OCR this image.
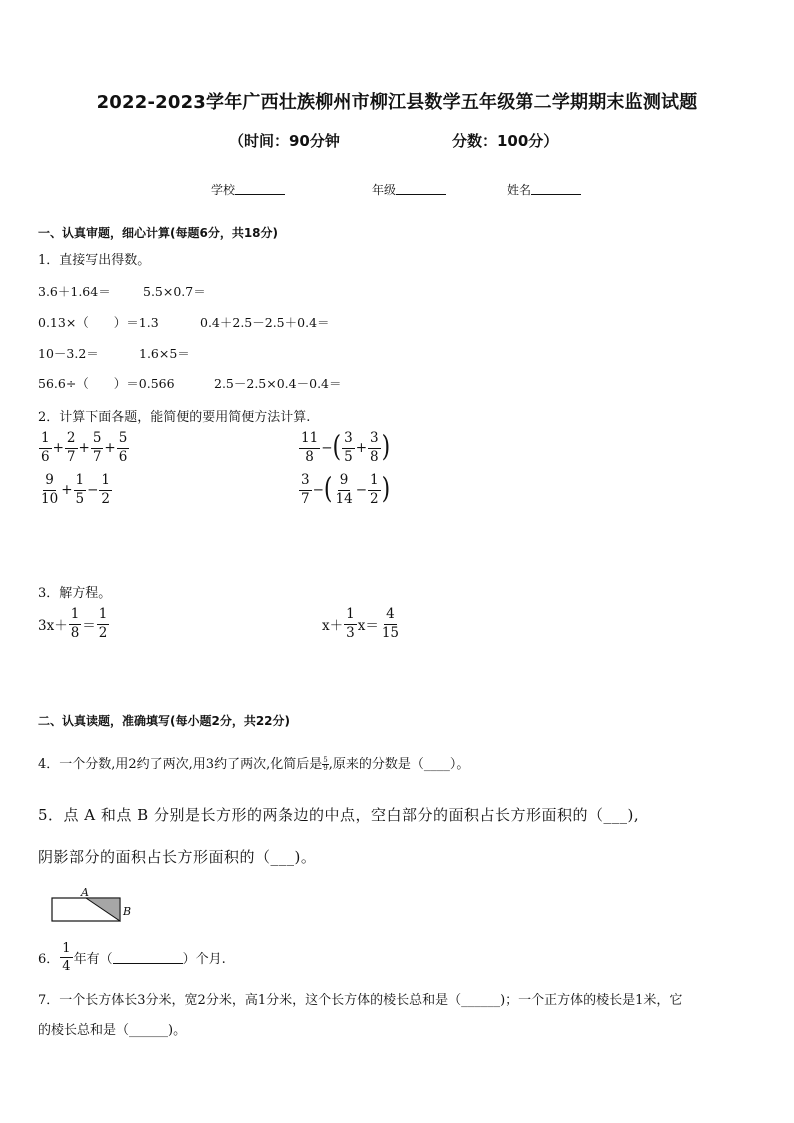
2022-2023学年广西壮族柳州市柳江县数学五年级第二学期期末监测试题
（时间：90分钟	分数：100分）
学校	年级	姓名
一、认真审题，细心计算(每题6分，共18分)
1．直接写出得数。
3.6＋1.64＝	5.5×0.7＝
0.13×（　　）＝1.3	0.4＋2.5－2.5＋0.4＝
10－3.2＝	1.6×5＝
56.6÷（　　）＝0.566	2.5－2.5×0.4－0.4＝
2．计算下面各题，能简便的要用简便方法计算.
$\frac{1}{6} + \frac{2}{7} + \frac{5}{7} + \frac{5}{6}$	$\frac{11}{8}$ − ( $\frac{3}{5} + \frac{3}{8}$ )
$\frac{9}{10} + \frac{1}{5} - \frac{1}{2}$	$\frac{3}{7}$ − ( $\frac{9}{14} - \frac{1}{2}$ )
3．解方程。
$3x+ \frac{1}{8} = \frac{1}{2}$	$x+ \frac{1}{3} x= \frac{4}{15}$
二、认真读题，准确填写(每小题2分，共22分)
4．一个分数,用2约了两次,用3约了两次,化简后是 $\frac{5}{9}$ ,原来的分数是（____）。
5．点 A 和点 B 分别是长方形的两条边的中点，空白部分的面积占长方形面积的（___),
阴影部分的面积占长方形面积的（___)。
A
B
6． $\frac{1}{4}$ 年有（	）个月.
7．一个长方体长3分米，宽2分米，高1分米，这个长方体的棱长总和是（______)；一个正方体的棱长是1米，它
的棱长总和是（______)。
